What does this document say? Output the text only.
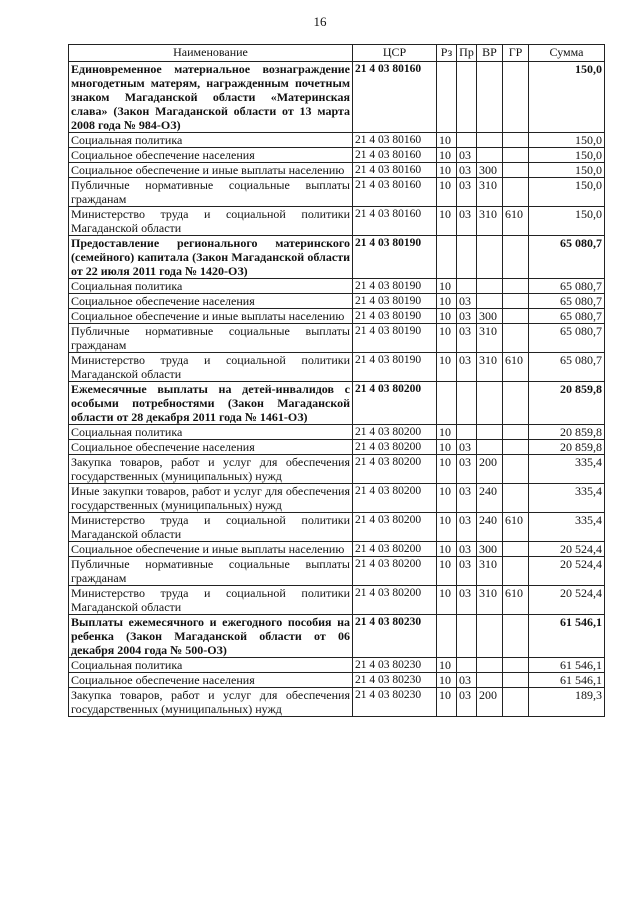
16
Наименование	ЦСР	Рз	Пр	ВР	ГР	Сумма
Единовременное материальное вознаграждение многодетным матерям, награжденным почетным знаком Магаданской области «Материнская слава» (Закон Магаданской области от 13 марта 2008 года № 984-ОЗ)	21 4 03 80160					150,0
Социальная политика	21 4 03 80160	10				150,0
Социальное обеспечение населения	21 4 03 80160	10	03			150,0
Социальное обеспечение и иные выплаты населению	21 4 03 80160	10	03	300		150,0
Публичные нормативные социальные выплаты гражданам	21 4 03 80160	10	03	310		150,0
Министерство труда и социальной политики Магаданской области	21 4 03 80160	10	03	310	610	150,0
Предоставление регионального материнского (семейного) капитала (Закон Магаданской области от 22 июля 2011 года № 1420-ОЗ)	21 4 03 80190					65 080,7
Социальная политика	21 4 03 80190	10				65 080,7
Социальное обеспечение населения	21 4 03 80190	10	03			65 080,7
Социальное обеспечение и иные выплаты населению	21 4 03 80190	10	03	300		65 080,7
Публичные нормативные социальные выплаты гражданам	21 4 03 80190	10	03	310		65 080,7
Министерство труда и социальной политики Магаданской области	21 4 03 80190	10	03	310	610	65 080,7
Ежемесячные выплаты на детей-инвалидов с особыми потребностями (Закон Магаданской области от 28 декабря 2011 года № 1461-ОЗ)	21 4 03 80200					20 859,8
Социальная политика	21 4 03 80200	10				20 859,8
Социальное обеспечение населения	21 4 03 80200	10	03			20 859,8
Закупка товаров, работ и услуг для обеспечения государственных (муниципальных) нужд	21 4 03 80200	10	03	200		335,4
Иные закупки товаров, работ и услуг для обеспечения государственных (муниципальных) нужд	21 4 03 80200	10	03	240		335,4
Министерство труда и социальной политики Магаданской области	21 4 03 80200	10	03	240	610	335,4
Социальное обеспечение и иные выплаты населению	21 4 03 80200	10	03	300		20 524,4
Публичные нормативные социальные выплаты гражданам	21 4 03 80200	10	03	310		20 524,4
Министерство труда и социальной политики Магаданской области	21 4 03 80200	10	03	310	610	20 524,4
Выплаты ежемесячного и ежегодного пособия на ребенка (Закон Магаданской области от 06 декабря 2004 года № 500-ОЗ)	21 4 03 80230					61 546,1
Социальная политика	21 4 03 80230	10				61 546,1
Социальное обеспечение населения	21 4 03 80230	10	03			61 546,1
Закупка товаров, работ и услуг для обеспечения государственных (муниципальных) нужд	21 4 03 80230	10	03	200		189,3
